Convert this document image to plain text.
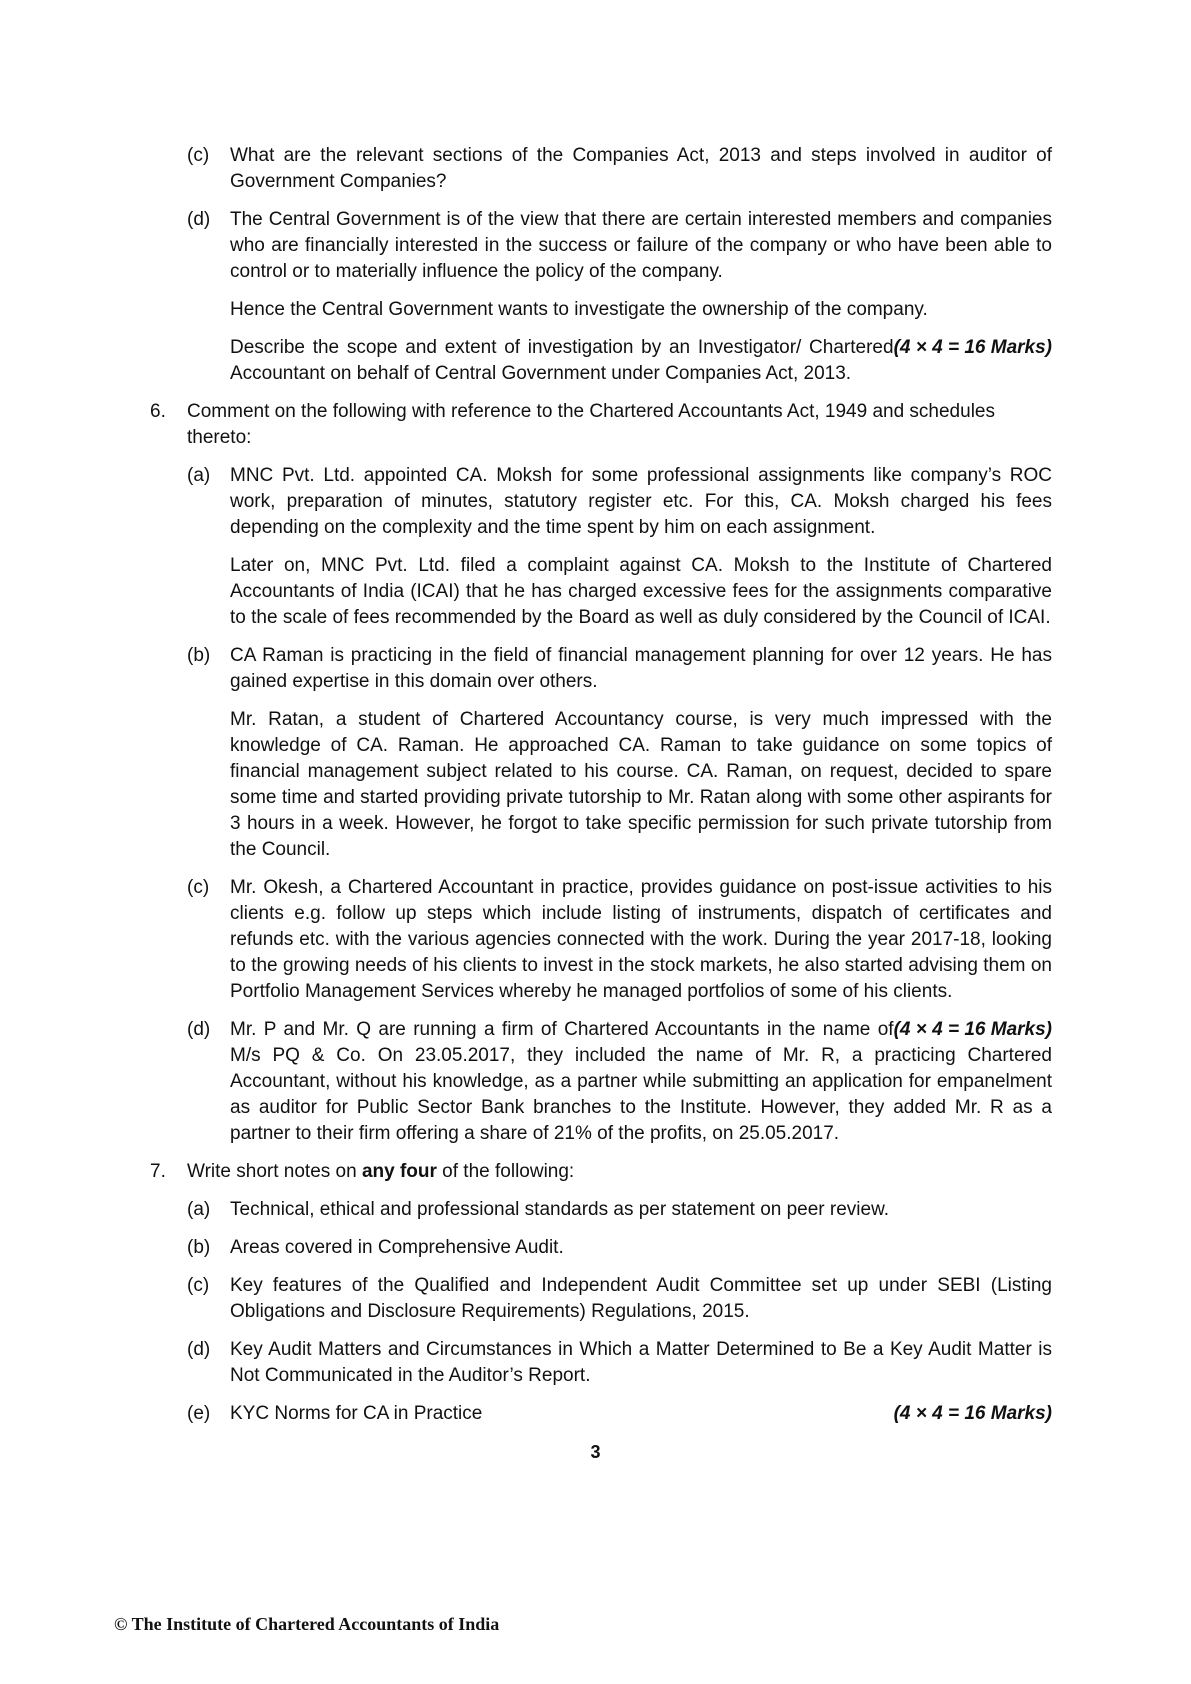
(c) What are the relevant sections of the Companies Act, 2013 and steps involved in auditor of Government Companies?

(d) The Central Government is of the view that there are certain interested members and companies who are financially interested in the success or failure of the company or who have been able to control or to materially influence the policy of the company.

Hence the Central Government wants to investigate the ownership of the company.

(4 × 4 = 16 Marks)
Describe the scope and extent of investigation by an Investigator/ Chartered Accountant on behalf of Central Government under Companies Act, 2013.

6. Comment on the following with reference to the Chartered Accountants Act, 1949 and schedules thereto:
(a) MNC Pvt. Ltd. appointed CA. Moksh for some professional assignments like company’s ROC work, preparation of minutes, statutory register etc. For this, CA. Moksh charged his fees depending on the complexity and the time spent by him on each assignment.

Later on, MNC Pvt. Ltd. filed a complaint against CA. Moksh to the Institute of Chartered Accountants of India (ICAI) that he has charged excessive fees for the assignments comparative to the scale of fees recommended by the Board as well as duly considered by the Council of ICAI.

(b) CA Raman is practicing in the field of financial management planning for over 12 years. He has gained expertise in this domain over others.

Mr. Ratan, a student of Chartered Accountancy course, is very much impressed with the knowledge of CA. Raman. He approached CA. Raman to take guidance on some topics of financial management subject related to his course. CA. Raman, on request, decided to spare some time and started providing private tutorship to Mr. Ratan along with some other aspirants for 3 hours in a week. However, he forgot to take specific permission for such private tutorship from the Council.

(c) Mr. Okesh, a Chartered Accountant in practice, provides guidance on post-issue activities to his clients e.g. follow up steps which include listing of instruments, dispatch of certificates and refunds etc. with the various agencies connected with the work. During the year 2017-18, looking to the growing needs of his clients to invest in the stock markets, he also started advising them on Portfolio Management Services whereby he managed portfolios of some of his clients.

(d)	(4 × 4 = 16 Marks)
Mr. P and Mr. Q are running a firm of Chartered Accountants in the name of M/s PQ & Co. On 23.05.2017, they included the name of Mr. R, a practicing Chartered Accountant, without his knowledge, as a partner while submitting an application for empanelment as auditor for Public Sector Bank branches to the Institute. However, they added Mr. R as a partner to their firm offering a share of 21% of the profits, on 25.05.2017.

7. Write short notes on any four of the following:
(a) Technical, ethical and professional standards as per statement on peer review.

(b) Areas covered in Comprehensive Audit.

(c) Key features of the Qualified and Independent Audit Committee set up under SEBI (Listing Obligations and Disclosure Requirements) Regulations, 2015.

(d) Key Audit Matters and Circumstances in Which a Matter Determined to Be a Key Audit Matter is Not Communicated in the Auditor’s Report.

(e)	(4 × 4 = 16 Marks)
KYC Norms for CA in Practice

3
© The Institute of Chartered Accountants of India
